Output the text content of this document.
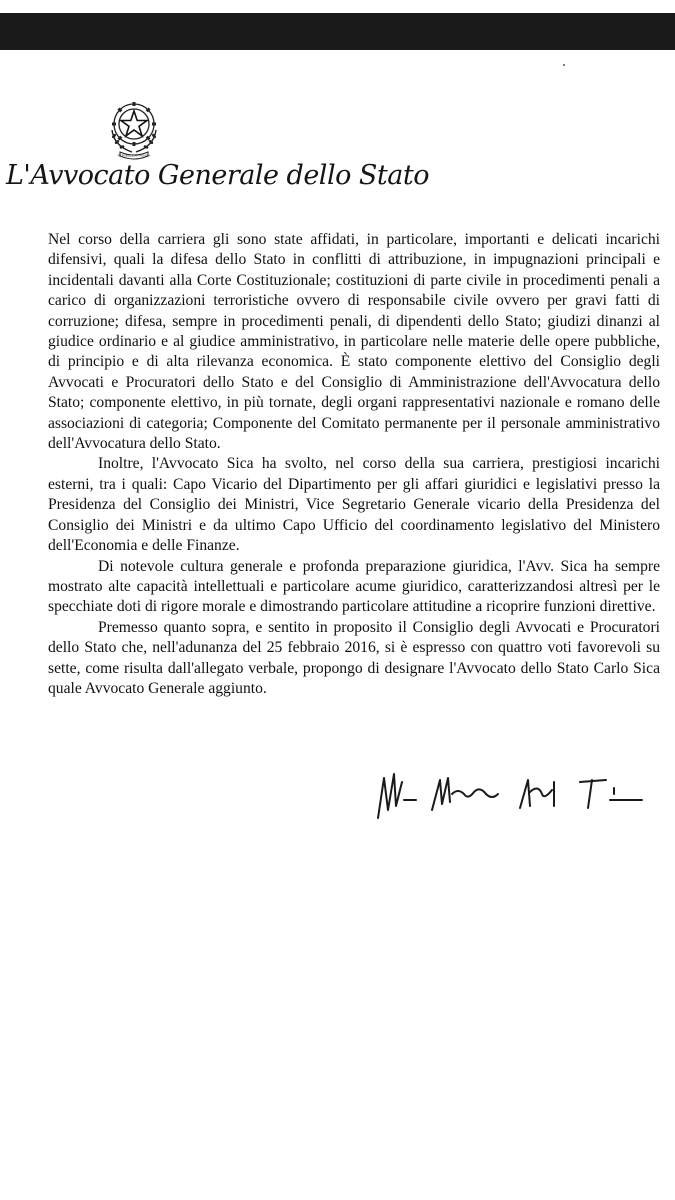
REPUBBLICA ITALIANA
L'Avvocato Generale dello Stato

Nel corso della carriera gli sono state affidati, in particolare, importanti e delicati incarichi difensivi, quali la difesa dello Stato in conflitti di attribuzione, in impugnazioni principali e incidentali davanti alla Corte Costituzionale; costituzioni di parte civile in procedimenti penali a carico di organizzazioni terroristiche ovvero di responsabile civile ovvero per gravi fatti di corruzione; difesa, sempre in procedimenti penali, di dipendenti dello Stato; giudizi dinanzi al giudice ordinario e al giudice amministrativo, in particolare nelle materie delle opere pubbliche, di principio e di alta rilevanza economica. È stato componente elettivo del Consiglio degli Avvocati e Procuratori dello Stato e del Consiglio di Amministrazione dell'Avvocatura dello Stato; componente elettivo, in più tornate, degli organi rappresentativi nazionale e romano delle associazioni di categoria; Componente del Comitato permanente per il personale amministrativo dell'Avvocatura dello Stato.

Inoltre, l'Avvocato Sica ha svolto, nel corso della sua carriera, prestigiosi incarichi esterni, tra i quali: Capo Vicario del Dipartimento per gli affari giuridici e legislativi presso la Presidenza del Consiglio dei Ministri, Vice Segretario Generale vicario della Presidenza del Consiglio dei Ministri e da ultimo Capo Ufficio del coordinamento legislativo del Ministero dell'Economia e delle Finanze.

Di notevole cultura generale e profonda preparazione giuridica, l'Avv. Sica ha sempre mostrato alte capacità intellettuali e particolare acume giuridico, caratterizzandosi altresì per le specchiate doti di rigore morale e dimostrando particolare attitudine a ricoprire funzioni direttive.

Premesso quanto sopra, e sentito in proposito il Consiglio degli Avvocati e Procuratori dello Stato che, nell'adunanza del 25 febbraio 2016, si è espresso con quattro voti favorevoli su sette, come risulta dall'allegato verbale, propongo di designare l'Avvocato dello Stato Carlo Sica quale Avvocato Generale aggiunto.
